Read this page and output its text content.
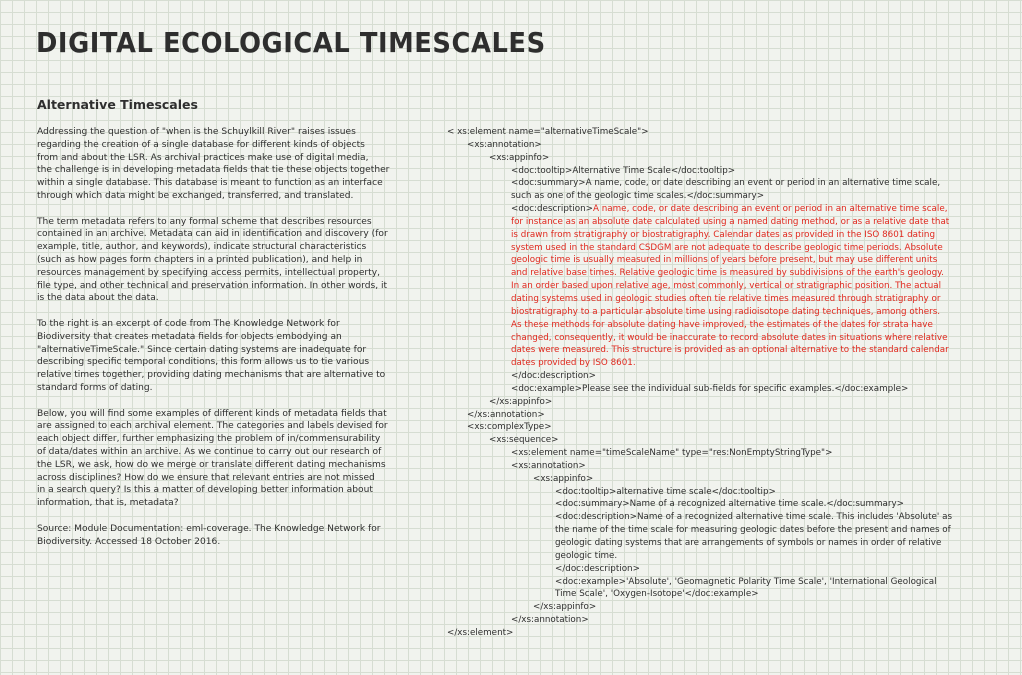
DIGITAL ECOLOGICAL TIMESCALES
Alternative Timescales

Addressing the question of "when is the Schuylkill River" raises issues
regarding the creation of a single database for different kinds of objects
from and about the LSR. As archival practices make use of digital media,
the challenge is in developing metadata fields that tie these objects together
within a single database. This database is meant to function as an interface
through which data might be exchanged, transferred, and translated.

The term metadata refers to any formal scheme that describes resources
contained in an archive. Metadata can aid in identification and discovery (for
example, title, author, and keywords), indicate structural characteristics
(such as how pages form chapters in a printed publication), and help in
resources management by specifying access permits, intellectual property,
file type, and other technical and preservation information. In other words, it
is the data about the data.

To the right is an excerpt of code from The Knowledge Network for
Biodiversity that creates metadata fields for objects embodying an
"alternativeTimeScale." Since certain dating systems are inadequate for
describing specific temporal conditions, this form allows us to tie various
relative times together, providing dating mechanisms that are alternative to
standard forms of dating.

Below, you will find some examples of different kinds of metadata fields that
are assigned to each archival element. The categories and labels devised for
each object differ, further emphasizing the problem of in/commensurability
of data/dates within an archive. As we continue to carry out our research of
the LSR, we ask, how do we merge or translate different dating mechanisms
across disciplines? How do we ensure that relevant entries are not missed
in a search query? Is this a matter of developing better information about
information, that is, metadata?

Source: Module Documentation: eml-coverage. The Knowledge Network for
Biodiversity. Accessed 18 October 2016.

< xs:element name="alternativeTimeScale">
<xs:annotation>
<xs:appinfo>
<doc:tooltip>Alternative Time Scale</doc:tooltip>
<doc:summary>A name, code, or date describing an event or period in an alternative time scale,
such as one of the geologic time scales.</doc:summary>
<doc:description>A name, code, or date describing an event or period in an alternative time scale,
for instance as an absolute date calculated using a named dating method, or as a relative date that
is drawn from stratigraphy or biostratigraphy. Calendar dates as provided in the ISO 8601 dating
system used in the standard CSDGM are not adequate to describe geologic time periods. Absolute
geologic time is usually measured in millions of years before present, but may use different units
and relative base times. Relative geologic time is measured by subdivisions of the earth's geology.
In an order based upon relative age, most commonly, vertical or stratigraphic position. The actual
dating systems used in geologic studies often tie relative times measured through stratigraphy or
biostratigraphy to a particular absolute time using radioisotope dating techniques, among others.
As these methods for absolute dating have improved, the estimates of the dates for strata have
changed, consequently, it would be inaccurate to record absolute dates in situations where relative
dates were measured. This structure is provided as an optional alternative to the standard calendar
dates provided by ISO 8601.
</doc:description>
<doc:example>Please see the individual sub-fields for specific examples.</doc:example>
</xs:appinfo>
</xs:annotation>
<xs:complexType>
<xs:sequence>
<xs:element name="timeScaleName" type="res:NonEmptyStringType">
<xs:annotation>
<xs:appinfo>
<doc:tooltip>alternative time scale</doc:tooltip>
<doc:summary>Name of a recognized alternative time scale.</doc:summary>
<doc:description>Name of a recognized alternative time scale. This includes 'Absolute' as
the name of the time scale for measuring geologic dates before the present and names of
geologic dating systems that are arrangements of symbols or names in order of relative
geologic time.
</doc:description>
<doc:example>'Absolute', 'Geomagnetic Polarity Time Scale', 'International Geological
Time Scale', 'Oxygen-Isotope'</doc:example>
</xs:appinfo>
</xs:annotation>
</xs:element>
